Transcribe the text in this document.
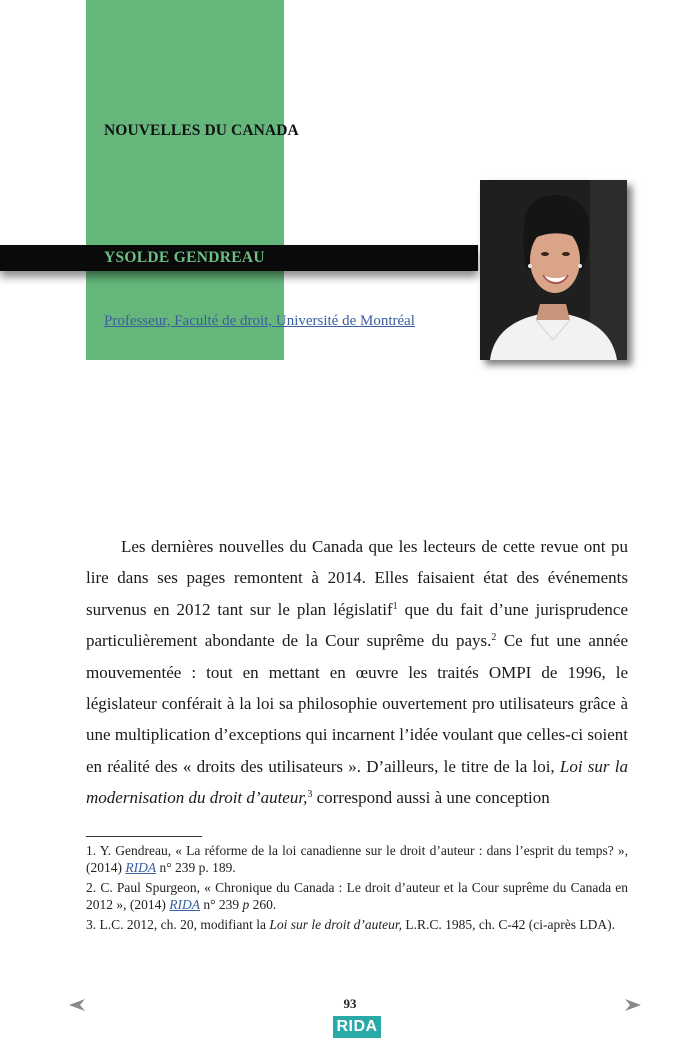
NOUVELLES DU CANADA
YSOLDE GENDREAU
Professeur, Faculté de droit, Université de Montréal

Les dernières nouvelles du Canada que les lecteurs de cette revue ont pu lire dans ses pages remontent à 2014. Elles faisaient état des événements survenus en 2012 tant sur le plan législatif$^1$ que du fait d’une jurisprudence particulièrement abondante de la Cour suprême du pays.$^2$ Ce fut une année mouvementée : tout en mettant en œuvre les traités OMPI de 1996, le législateur conférait à la loi sa philosophie ouvertement pro utilisateurs grâce à une multiplication d’exceptions qui incarnent l’idée voulant que celles-ci soient en réalité des « droits des utilisateurs ». D’ailleurs, le titre de la loi, Loi sur la modernisation du droit d’auteur,$^3$ correspond aussi à une conception

1. Y. Gendreau, « La réforme de la loi canadienne sur le droit d’auteur : dans l’esprit du temps? », (2014) RIDA n° 239 p. 189.

2. C. Paul Spurgeon, « Chronique du Canada : Le droit d’auteur et la Cour suprême du Canada en 2012 », (2014) RIDA n° 239 p 260.

3. L.C. 2012, ch. 20, modifiant la Loi sur le droit d’auteur, L.R.C. 1985, ch. C-42 (ci-après LDA).

93
RIDA
